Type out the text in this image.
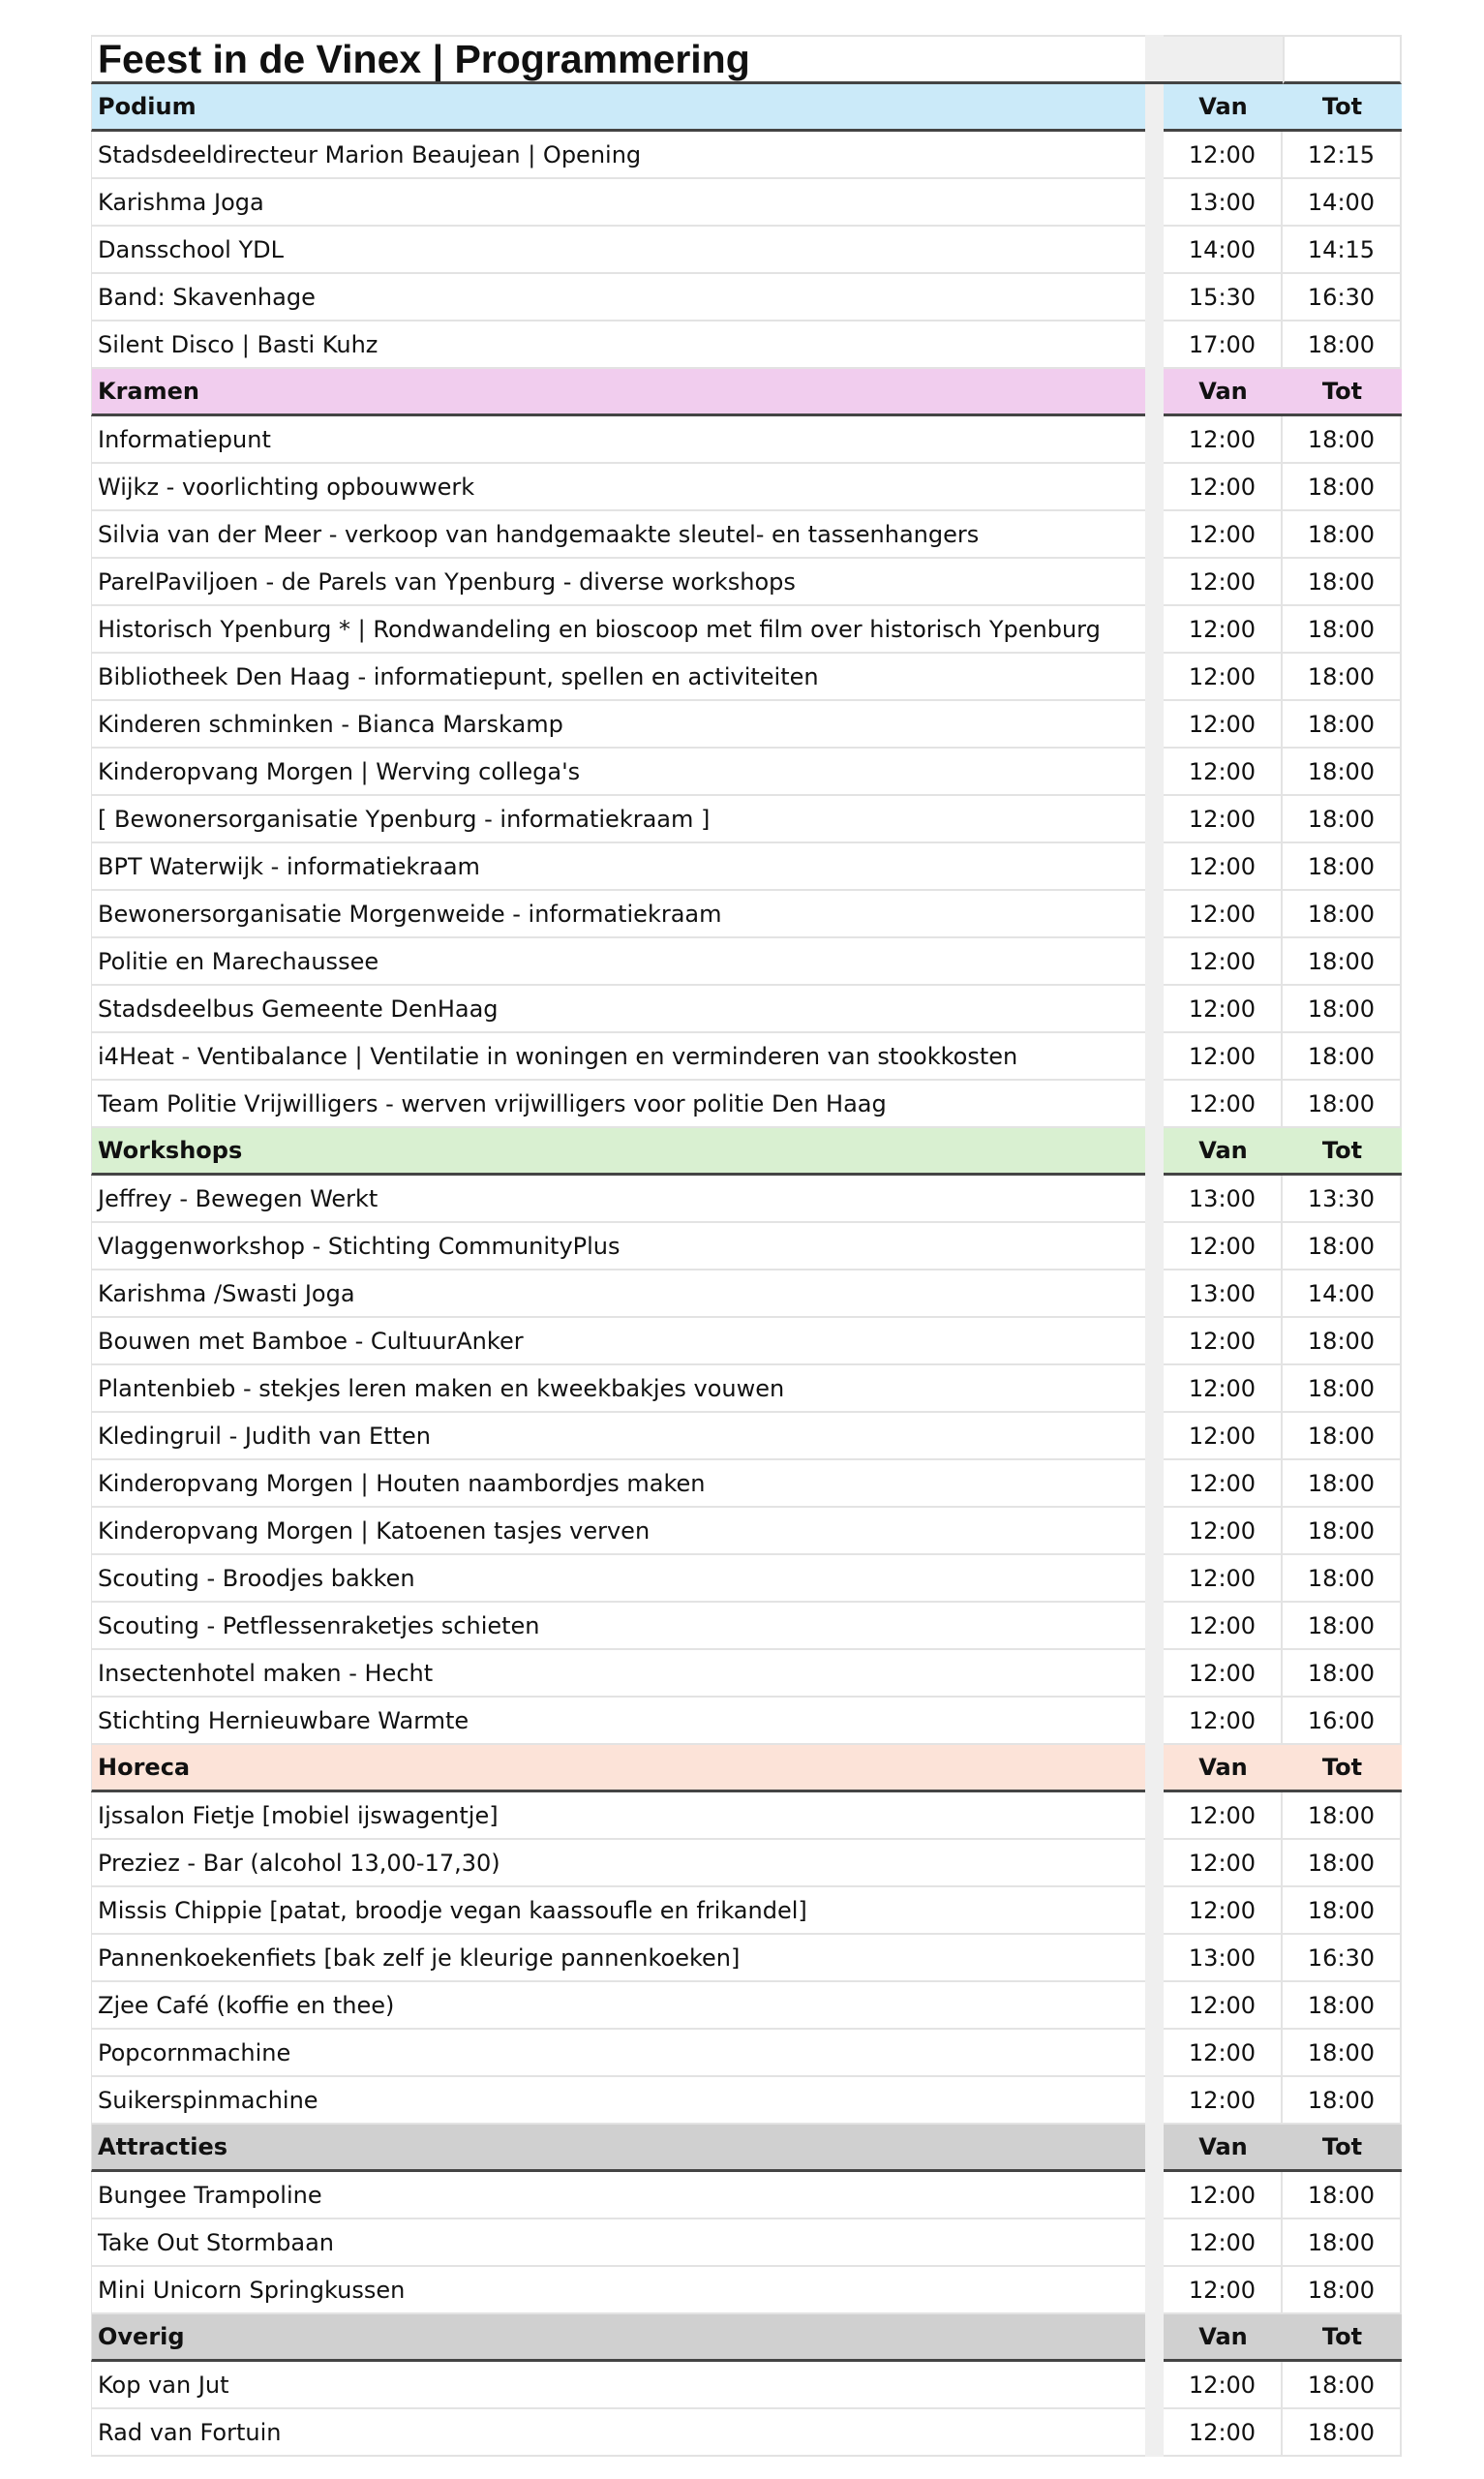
Feest in de Vinex | Programmering
Podium	Van	Tot
Stadsdeeldirecteur Marion Beaujean | Opening	12:00	12:15
Karishma Joga	13:00	14:00
Dansschool YDL	14:00	14:15
Band: Skavenhage	15:30	16:30
Silent Disco | Basti Kuhz	17:00	18:00
Kramen	Van	Tot
Informatiepunt	12:00	18:00
Wijkz - voorlichting opbouwwerk	12:00	18:00
Silvia van der Meer - verkoop van handgemaakte sleutel- en tassenhangers	12:00	18:00
ParelPaviljoen - de Parels van Ypenburg - diverse workshops	12:00	18:00
Historisch Ypenburg * | Rondwandeling en bioscoop met film over historisch Ypenburg	12:00	18:00
Bibliotheek Den Haag - informatiepunt, spellen en activiteiten	12:00	18:00
Kinderen schminken - Bianca Marskamp	12:00	18:00
Kinderopvang Morgen | Werving collega's	12:00	18:00
[ Bewonersorganisatie Ypenburg - informatiekraam ]	12:00	18:00
BPT Waterwijk - informatiekraam	12:00	18:00
Bewonersorganisatie Morgenweide - informatiekraam	12:00	18:00
Politie en Marechaussee	12:00	18:00
Stadsdeelbus Gemeente DenHaag	12:00	18:00
i4Heat - Ventibalance | Ventilatie in woningen en verminderen van stookkosten	12:00	18:00
Team Politie Vrijwilligers - werven vrijwilligers voor politie Den Haag	12:00	18:00
Workshops	Van	Tot
Jeffrey - Bewegen Werkt	13:00	13:30
Vlaggenworkshop - Stichting CommunityPlus	12:00	18:00
Karishma /Swasti Joga	13:00	14:00
Bouwen met Bamboe - CultuurAnker	12:00	18:00
Plantenbieb - stekjes leren maken en kweekbakjes vouwen	12:00	18:00
Kledingruil - Judith van Etten	12:00	18:00
Kinderopvang Morgen | Houten naambordjes maken	12:00	18:00
Kinderopvang Morgen | Katoenen tasjes verven	12:00	18:00
Scouting - Broodjes bakken	12:00	18:00
Scouting - Petflessenraketjes schieten	12:00	18:00
Insectenhotel maken - Hecht	12:00	18:00
Stichting Hernieuwbare Warmte	12:00	16:00
Horeca	Van	Tot
Ijssalon Fietje [mobiel ijswagentje]	12:00	18:00
Preziez - Bar (alcohol 13,00-17,30)	12:00	18:00
Missis Chippie [patat, broodje vegan kaassoufle en frikandel]	12:00	18:00
Pannenkoekenfiets [bak zelf je kleurige pannenkoeken]	13:00	16:30
Zjee Café (koffie en thee)	12:00	18:00
Popcornmachine	12:00	18:00
Suikerspinmachine	12:00	18:00
Attracties	Van	Tot
Bungee Trampoline	12:00	18:00
Take Out Stormbaan	12:00	18:00
Mini Unicorn Springkussen	12:00	18:00
Overig	Van	Tot
Kop van Jut	12:00	18:00
Rad van Fortuin	12:00	18:00
